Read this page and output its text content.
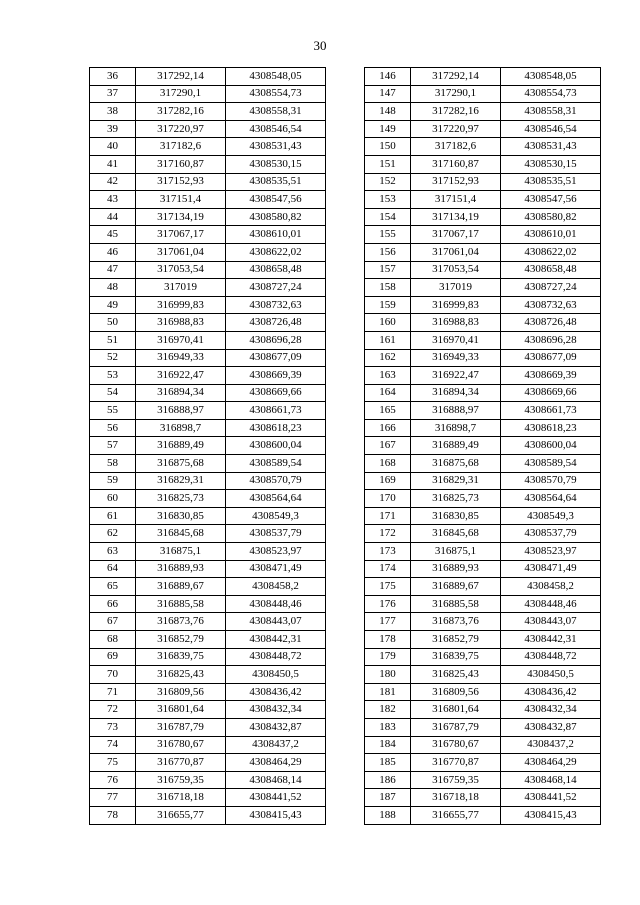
30
36	317292,14	4308548,05
37	317290,1	4308554,73
38	317282,16	4308558,31
39	317220,97	4308546,54
40	317182,6	4308531,43
41	317160,87	4308530,15
42	317152,93	4308535,51
43	317151,4	4308547,56
44	317134,19	4308580,82
45	317067,17	4308610,01
46	317061,04	4308622,02
47	317053,54	4308658,48
48	317019	4308727,24
49	316999,83	4308732,63
50	316988,83	4308726,48
51	316970,41	4308696,28
52	316949,33	4308677,09
53	316922,47	4308669,39
54	316894,34	4308669,66
55	316888,97	4308661,73
56	316898,7	4308618,23
57	316889,49	4308600,04
58	316875,68	4308589,54
59	316829,31	4308570,79
60	316825,73	4308564,64
61	316830,85	4308549,3
62	316845,68	4308537,79
63	316875,1	4308523,97
64	316889,93	4308471,49
65	316889,67	4308458,2
66	316885,58	4308448,46
67	316873,76	4308443,07
68	316852,79	4308442,31
69	316839,75	4308448,72
70	316825,43	4308450,5
71	316809,56	4308436,42
72	316801,64	4308432,34
73	316787,79	4308432,87
74	316780,67	4308437,2
75	316770,87	4308464,29
76	316759,35	4308468,14
77	316718,18	4308441,52
78	316655,77	4308415,43
146	317292,14	4308548,05
147	317290,1	4308554,73
148	317282,16	4308558,31
149	317220,97	4308546,54
150	317182,6	4308531,43
151	317160,87	4308530,15
152	317152,93	4308535,51
153	317151,4	4308547,56
154	317134,19	4308580,82
155	317067,17	4308610,01
156	317061,04	4308622,02
157	317053,54	4308658,48
158	317019	4308727,24
159	316999,83	4308732,63
160	316988,83	4308726,48
161	316970,41	4308696,28
162	316949,33	4308677,09
163	316922,47	4308669,39
164	316894,34	4308669,66
165	316888,97	4308661,73
166	316898,7	4308618,23
167	316889,49	4308600,04
168	316875,68	4308589,54
169	316829,31	4308570,79
170	316825,73	4308564,64
171	316830,85	4308549,3
172	316845,68	4308537,79
173	316875,1	4308523,97
174	316889,93	4308471,49
175	316889,67	4308458,2
176	316885,58	4308448,46
177	316873,76	4308443,07
178	316852,79	4308442,31
179	316839,75	4308448,72
180	316825,43	4308450,5
181	316809,56	4308436,42
182	316801,64	4308432,34
183	316787,79	4308432,87
184	316780,67	4308437,2
185	316770,87	4308464,29
186	316759,35	4308468,14
187	316718,18	4308441,52
188	316655,77	4308415,43
